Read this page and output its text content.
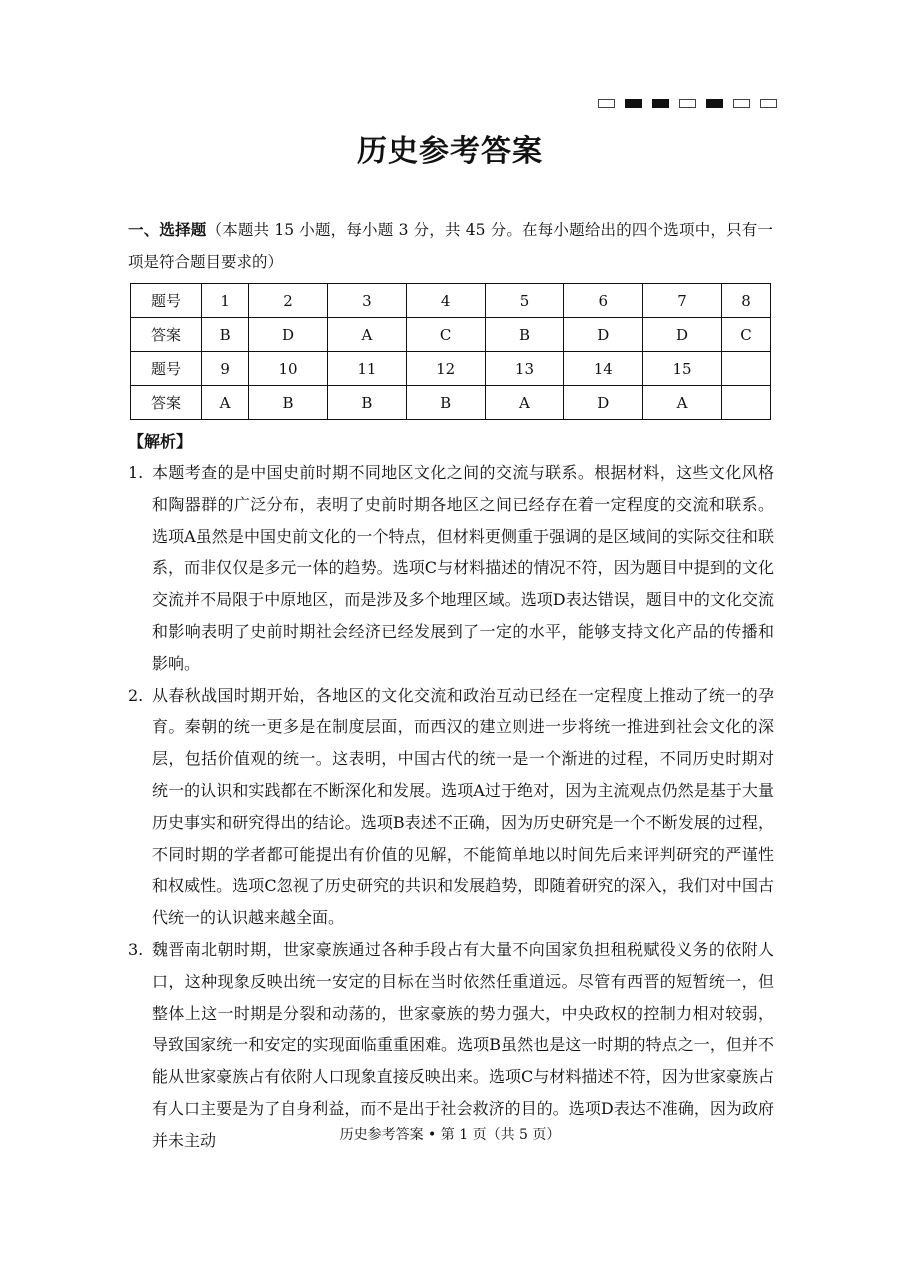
历史参考答案
一、选择题（本题共 15 小题，每小题 3 分，共 45 分。在每小题给出的四个选项中，只有一项是符合题目要求的）
题号	1	2	3	4	5	6	7	8
答案	B	D	A	C	B	D	D	C
题号	9	10	11	12	13	14	15	
答案	A	B	B	B	A	D	A	
【解析】
1. 本题考查的是中国史前时期不同地区文化之间的交流与联系。根据材料，这些文化风格和陶器群的广泛分布，表明了史前时期各地区之间已经存在着一定程度的交流和联系。选项A虽然是中国史前文化的一个特点，但材料更侧重于强调的是区域间的实际交往和联系，而非仅仅是多元一体的趋势。选项C与材料描述的情况不符，因为题目中提到的文化交流并不局限于中原地区，而是涉及多个地理区域。选项D表达错误，题目中的文化交流和影响表明了史前时期社会经济已经发展到了一定的水平，能够支持文化产品的传播和影响。
2. 从春秋战国时期开始，各地区的文化交流和政治互动已经在一定程度上推动了统一的孕育。秦朝的统一更多是在制度层面，而西汉的建立则进一步将统一推进到社会文化的深层，包括价值观的统一。这表明，中国古代的统一是一个渐进的过程，不同历史时期对统一的认识和实践都在不断深化和发展。选项A过于绝对，因为主流观点仍然是基于大量历史事实和研究得出的结论。选项B表述不正确，因为历史研究是一个不断发展的过程，不同时期的学者都可能提出有价值的见解，不能简单地以时间先后来评判研究的严谨性和权威性。选项C忽视了历史研究的共识和发展趋势，即随着研究的深入，我们对中国古代统一的认识越来越全面。
3. 魏晋南北朝时期，世家豪族通过各种手段占有大量不向国家负担租税赋役义务的依附人口，这种现象反映出统一安定的目标在当时依然任重道远。尽管有西晋的短暂统一，但整体上这一时期是分裂和动荡的，世家豪族的势力强大，中央政权的控制力相对较弱，导致国家统一和安定的实现面临重重困难。选项B虽然也是这一时期的特点之一，但并不能从世家豪族占有依附人口现象直接反映出来。选项C与材料描述不符，因为世家豪族占有人口主要是为了自身利益，而不是出于社会救济的目的。选项D表达不准确，因为政府并未主动	历史参考答案 • 第 1 页（共 5 页）
